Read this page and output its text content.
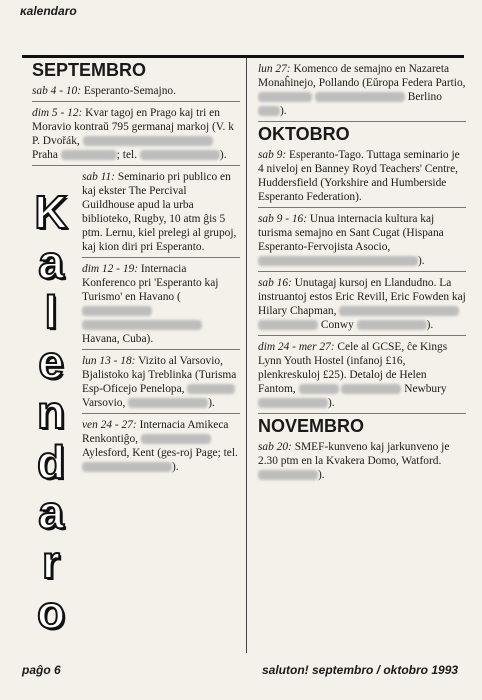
ĸalendaro
K
a
l
e
n
d
a
r
o
SEPTEMBRO
sab 4 - 10: Esperanto-Semajno.
dim 5 - 12: Kvar tagoj en Prago kaj tri en Moravio kontraŭ 795 germanaj markoj (V. k P. Dvořák,  Praha	; tel.	).
sab 11: Seminario pri publico en kaj ekster The Percival Guildhouse apud la urba biblioteko, Rugby, 10 atm ĝis 5 ptm. Lernu, kiel prelegi al grupoj, kaj kion diri pri Esperanto.
dim 12 - 19: Internacia Konferenco pri 'Esperanto kaj Turismo' en Havano (  Havana, Cuba).
lun 13 - 18: Vizito al Varsovio, Bjalistoko kaj Treblinka (Turisma Esp-Oficejo Penelopa,  Varsovio,	).
ven 24 - 27: Internacia Amikeca Renkontiĝo,  Aylesford, Kent (ges-roj Page; tel. ).
lun 27: Komenco de semajno en Nazareta Monaĥinejo, Pollando (Eŭropa Federa Partio,   Berlino ).
OKTOBRO
sab 9: Esperanto-Tago. Tuttaga seminario je 4 niveloj en Banney Royd Teachers' Centre, Huddersfield (Yorkshire and Humberside Esperanto Federation).
sab 9 - 16: Unua internacia kultura kaj turisma semajno en Sant Cugat (Hispana Esperanto-Fervojista Asocio, ).
sab 16: Unutagaj kursoj en Llandudno. La instruantoj estos Eric Revill, Eric Fowden kaj Hilary Chapman,   Conwy	).
dim 24 - mer 27: Cele al GCSE, ĉe Kings Lynn Youth Hostel (infanoj £16, plenkreskuloj £25). Detaloj de Helen Fantom,	Newbury ).
NOVEMBRO
sab 20: SMEF-kunveno kaj jarkunveno je 2.30 ptm en la Kvakera Domo, Watford. ).
paĝo 6	saluton! septembro / oktobro 1993
